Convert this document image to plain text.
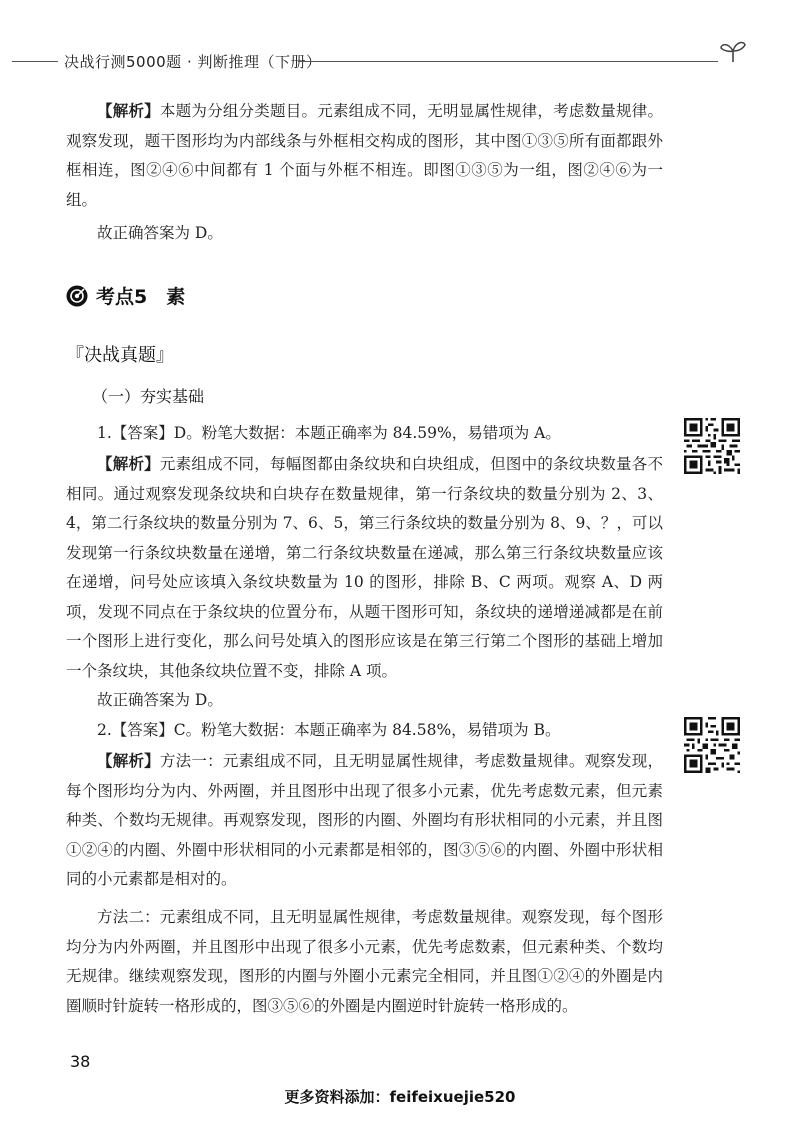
决战行测5000题 · 判断推理（下册）

【解析】本题为分组分类题目。元素组成不同，无明显属性规律，考虑数量规律。观察发现，题干图形均为内部线条与外框相交构成的图形，其中图①③⑤所有面都跟外框相连，图②④⑥中间都有 1 个面与外框不相连。即图①③⑤为一组，图②④⑥为一组。

故正确答案为 D。

考点5　素
『决战真题』
（一）夯实基础

1.【答案】D。粉笔大数据：本题正确率为 84.59%，易错项为 A。

【解析】元素组成不同，每幅图都由条纹块和白块组成，但图中的条纹块数量各不相同。通过观察发现条纹块和白块存在数量规律，第一行条纹块的数量分别为 2、3、4，第二行条纹块的数量分别为 7、6、5，第三行条纹块的数量分别为 8、9、？，可以发现第一行条纹块数量在递增，第二行条纹块数量在递减，那么第三行条纹块数量应该在递增，问号处应该填入条纹块数量为 10 的图形，排除 B、C 两项。观察 A、D 两项，发现不同点在于条纹块的位置分布，从题干图形可知，条纹块的递增递减都是在前一个图形上进行变化，那么问号处填入的图形应该是在第三行第二个图形的基础上增加一个条纹块，其他条纹块位置不变，排除 A 项。

故正确答案为 D。

2.【答案】C。粉笔大数据：本题正确率为 84.58%，易错项为 B。

【解析】方法一：元素组成不同，且无明显属性规律，考虑数量规律。观察发现，每个图形均分为内、外两圈，并且图形中出现了很多小元素，优先考虑数元素，但元素种类、个数均无规律。再观察发现，图形的内圈、外圈均有形状相同的小元素，并且图①②④的内圈、外圈中形状相同的小元素都是相邻的，图③⑤⑥的内圈、外圈中形状相同的小元素都是相对的。

方法二：元素组成不同，且无明显属性规律，考虑数量规律。观察发现，每个图形均分为内外两圈，并且图形中出现了很多小元素，优先考虑数素，但元素种类、个数均无规律。继续观察发现，图形的内圈与外圈小元素完全相同，并且图①②④的外圈是内圈顺时针旋转一格形成的，图③⑤⑥的外圈是内圈逆时针旋转一格形成的。

38
更多资料添加：feifeixuejie520
